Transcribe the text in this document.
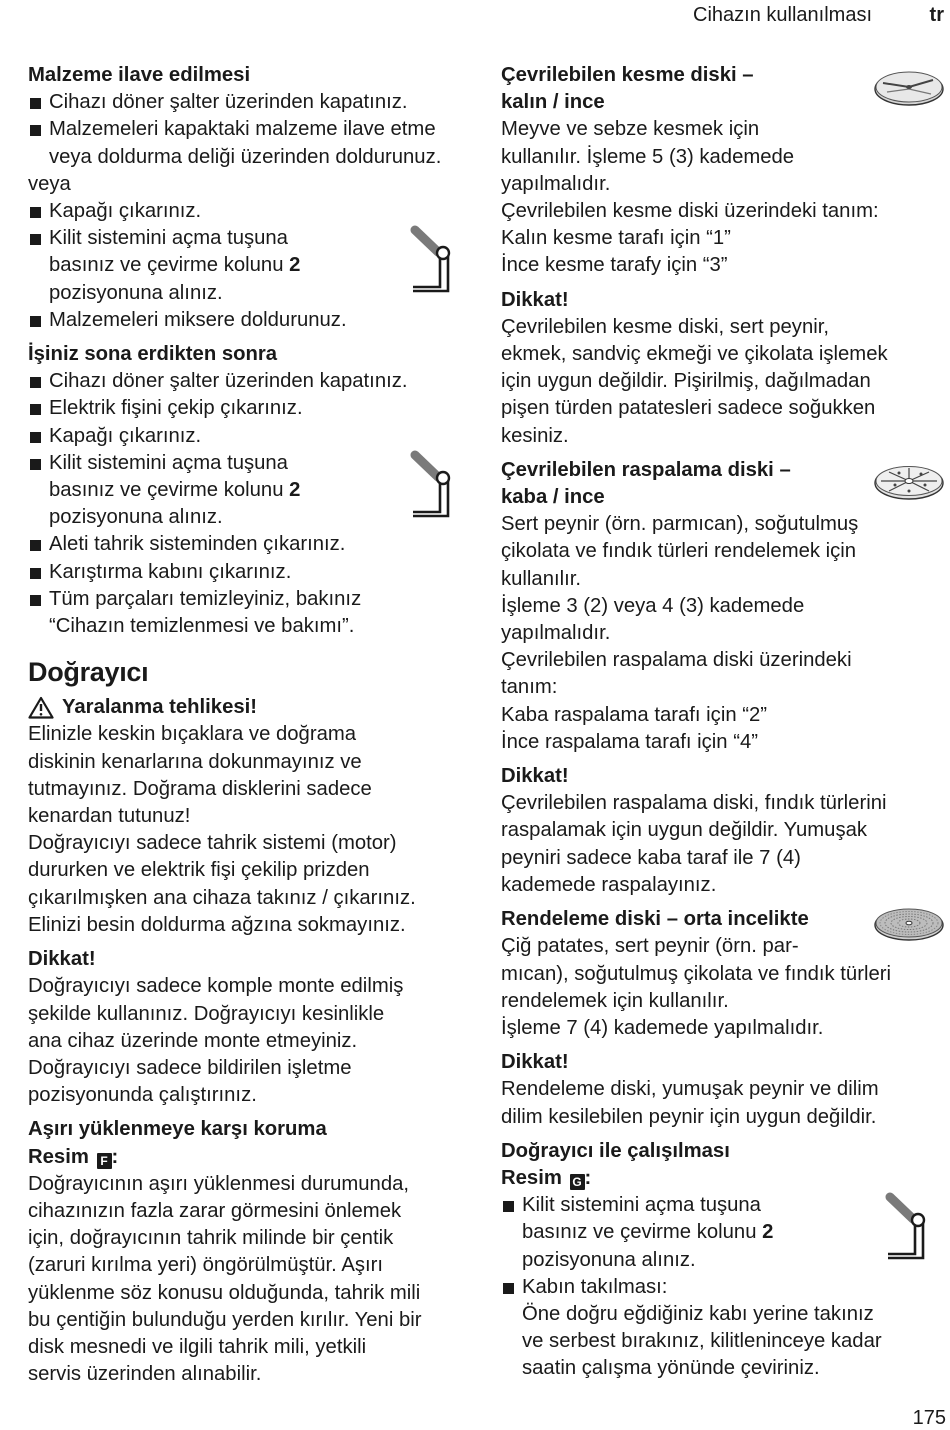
Cihazın kullanılması	tr
Malzeme ilave edilmesi
Cihazı döner şalter üzerinden kapatınız.
Malzemeleri kapaktaki malzeme ilave etme
veya doldurma deliği üzerinden doldurunuz.
veya
Kapağı çıkarınız.
Kilit sistemini açma tuşuna
basınız ve çevirme kolunu 2
pozisyonuna alınız.
Malzemeleri miksere doldurunuz.
İşiniz sona erdikten sonra
Cihazı döner şalter üzerinden kapatınız.
Elektrik fişini çekip çıkarınız.
Kapağı çıkarınız.
Kilit sistemini açma tuşuna
basınız ve çevirme kolunu 2
pozisyonuna alınız.
Aleti tahrik sisteminden çıkarınız.
Karıştırma kabını çıkarınız.
Tüm parçaları temizleyiniz, bakınız
“Cihazın temizlenmesi ve bakımı”.
Doğrayıcı
Yaralanma tehlikesi!
Elinizle keskin bıçaklara ve doğrama
diskinin kenarlarına dokunmayınız ve
tutmayınız. Doğrama disklerini sadece
kenardan tutunuz!
Doğrayıcıyı sadece tahrik sistemi (motor)
dururken ve elektrik fişi çekilip prizden
çıkarılmışken ana cihaza takınız / çıkarınız.
Elinizi besin doldurma ağzına sokmayınız.
Dikkat!
Doğrayıcıyı sadece komple monte edilmiş
şekilde kullanınız. Doğrayıcıyı kesinlikle
ana cihaz üzerinde monte etmeyiniz.
Doğrayıcıyı sadece bildirilen işletme
pozisyonunda çalıştırınız.
Aşırı yüklenmeye karşı koruma
Resim F :
Doğrayıcının aşırı yüklenmesi durumunda,
cihazınızın fazla zarar görmesini önlemek
için, doğrayıcının tahrik milinde bir çentik
(zaruri kırılma yeri) öngörülmüştür. Aşırı
yüklenme söz konusu olduğunda, tahrik mili
bu çentiğin bulunduğu yerden kırılır. Yeni bir
disk mesnedi ve ilgili tahrik mili, yetkili
servis üzerinden alınabilir.
Çevrilebilen kesme diski –
kalın / ince
Meyve ve sebze kesmek için
kullanılır. İşleme 5 (3) kademede
yapılmalıdır.
Çevrilebilen kesme diski üzerindeki tanım:
Kalın kesme tarafı için “1”
İnce kesme tarafy için “3”
Dikkat!
Çevrilebilen kesme diski, sert peynir,
ekmek, sandviç ekmeği ve çikolata işlemek
için uygun değildir. Pişirilmiş, dağılmadan
pişen türden patatesleri sadece soğukken
kesiniz.
Çevrilebilen raspalama diski –
kaba / ince
Sert peynir (örn. parmıcan), soğutulmuş
çikolata ve fındık türleri rendelemek için
kullanılır.
İşleme 3 (2) veya 4 (3) kademede
yapılmalıdır.
Çevrilebilen raspalama diski üzerindeki
tanım:
Kaba raspalama tarafı için “2”
İnce raspalama tarafı için “4”
Dikkat!
Çevrilebilen raspalama diski, fındık türlerini
raspalamak için uygun değildir. Yumuşak
peyniri sadece kaba taraf ile 7 (4)
kademede raspalayınız.
Rendeleme diski – orta incelikte
Çiğ patates, sert peynir (örn. par-
mıcan), soğutulmuş çikolata ve fındık türleri
rendelemek için kullanılır.
İşleme 7 (4) kademede yapılmalıdır.
Dikkat!
Rendeleme diski, yumuşak peynir ve dilim
dilim kesilebilen peynir için uygun değildir.
Doğrayıcı ile çalışılması
Resim G :
Kilit sistemini açma tuşuna
basınız ve çevirme kolunu 2
pozisyonuna alınız.
Kabın takılması:
Öne doğru eğdiğiniz kabı yerine takınız
ve serbest bırakınız, kilitleninceye kadar
saatin çalışma yönünde çeviriniz.
175
